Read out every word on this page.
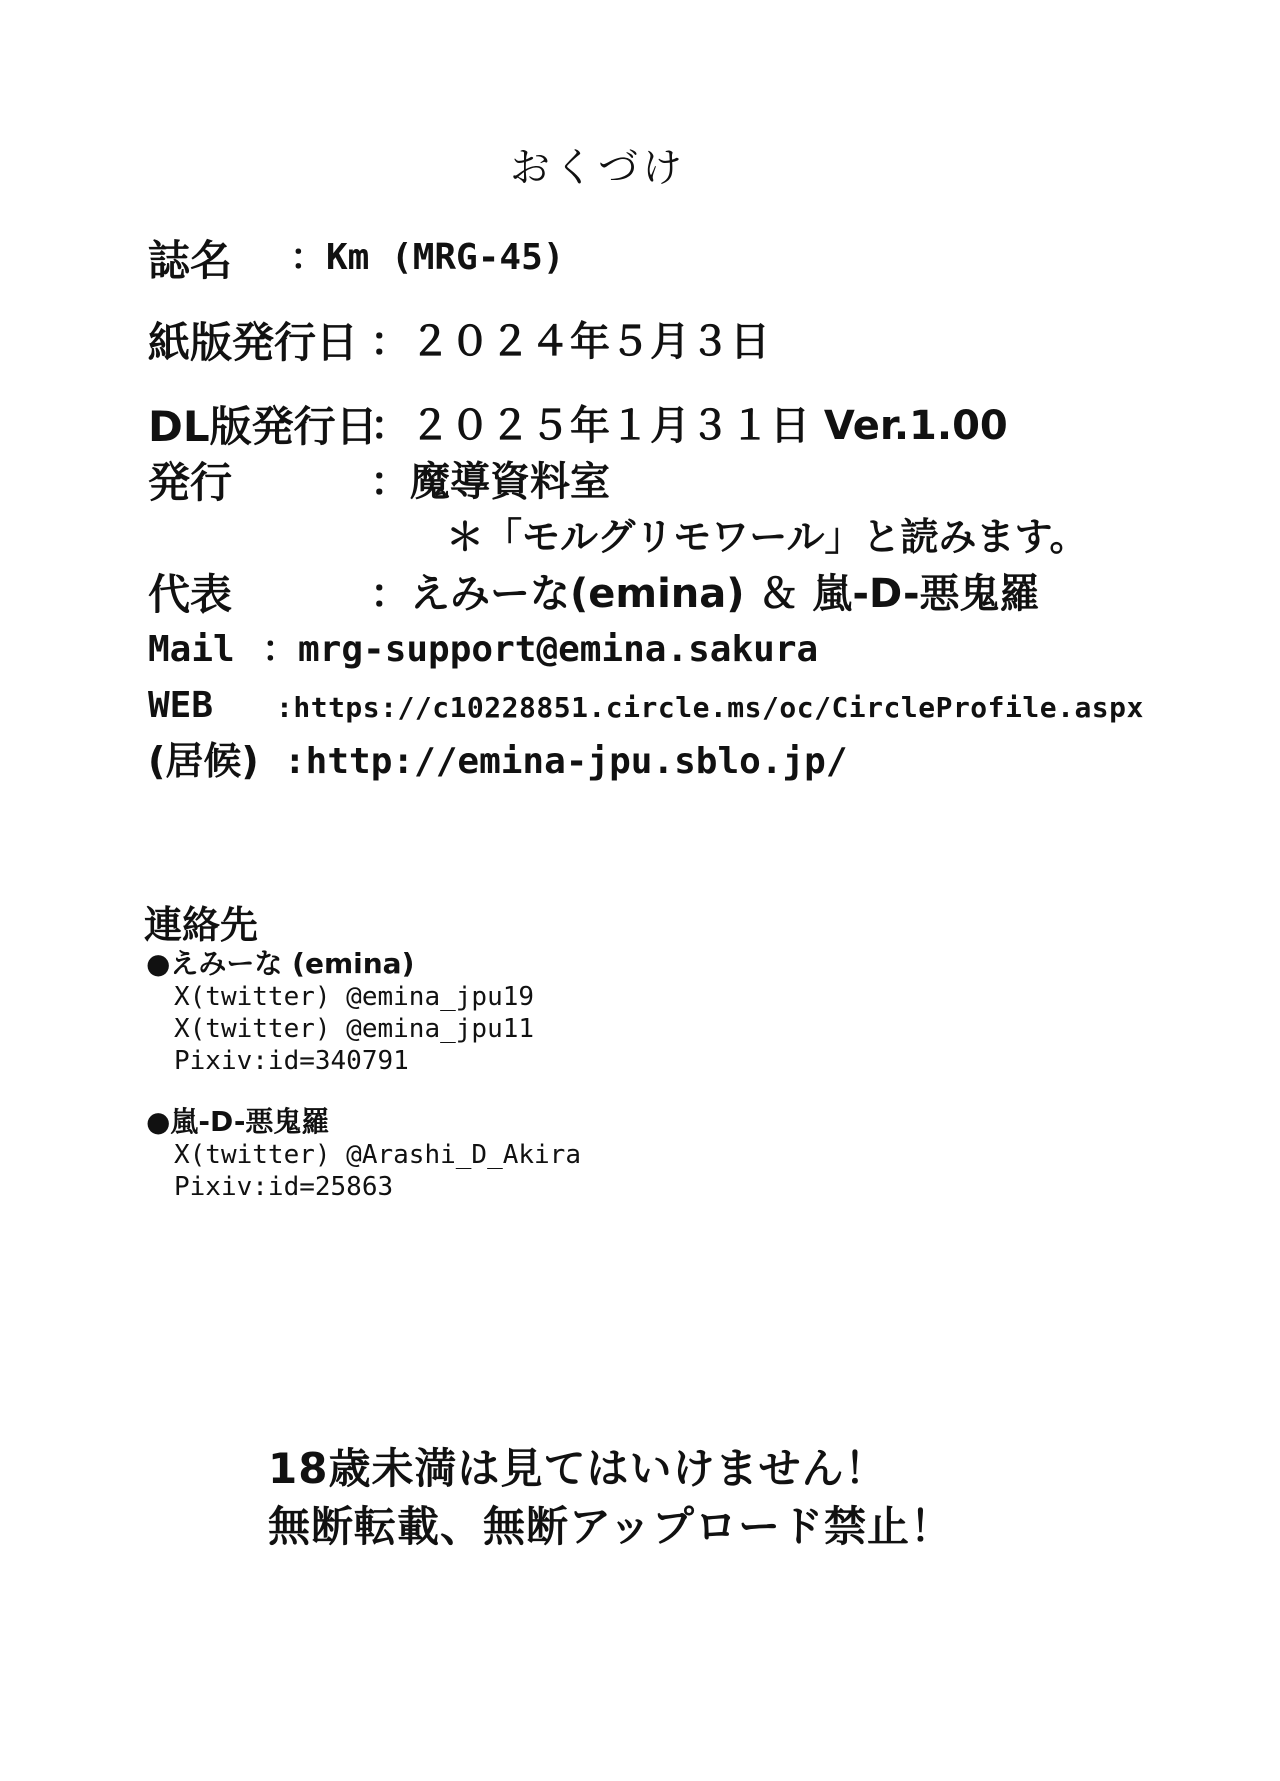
おくづけ
誌名 ：Km (MRG-45)
紙版発行日 ：２０２４年５月３日
DL版発行日
：２０２５年１月３１日 Ver.1.00
発行	：魔導資料室
＊「モルグリモワール」と読みます。
代表	：えみーな(emina) ＆ 嵐-D-悪鬼羅
Mail ：mrg-support@emina.sakura
WEB :https://c10228851.circle.ms/oc/CircleProfile.aspx
(居候) :http://emina-jpu.sblo.jp/
連絡先
●えみーな (emina)
X(twitter) @emina_jpu19
X(twitter) @emina_jpu11
Pixiv:id=340791
●嵐-D-悪鬼羅
X(twitter) @Arashi_D_Akira
Pixiv:id=25863
18歳未満は見てはいけません！
無断転載、無断アップロード禁止！
